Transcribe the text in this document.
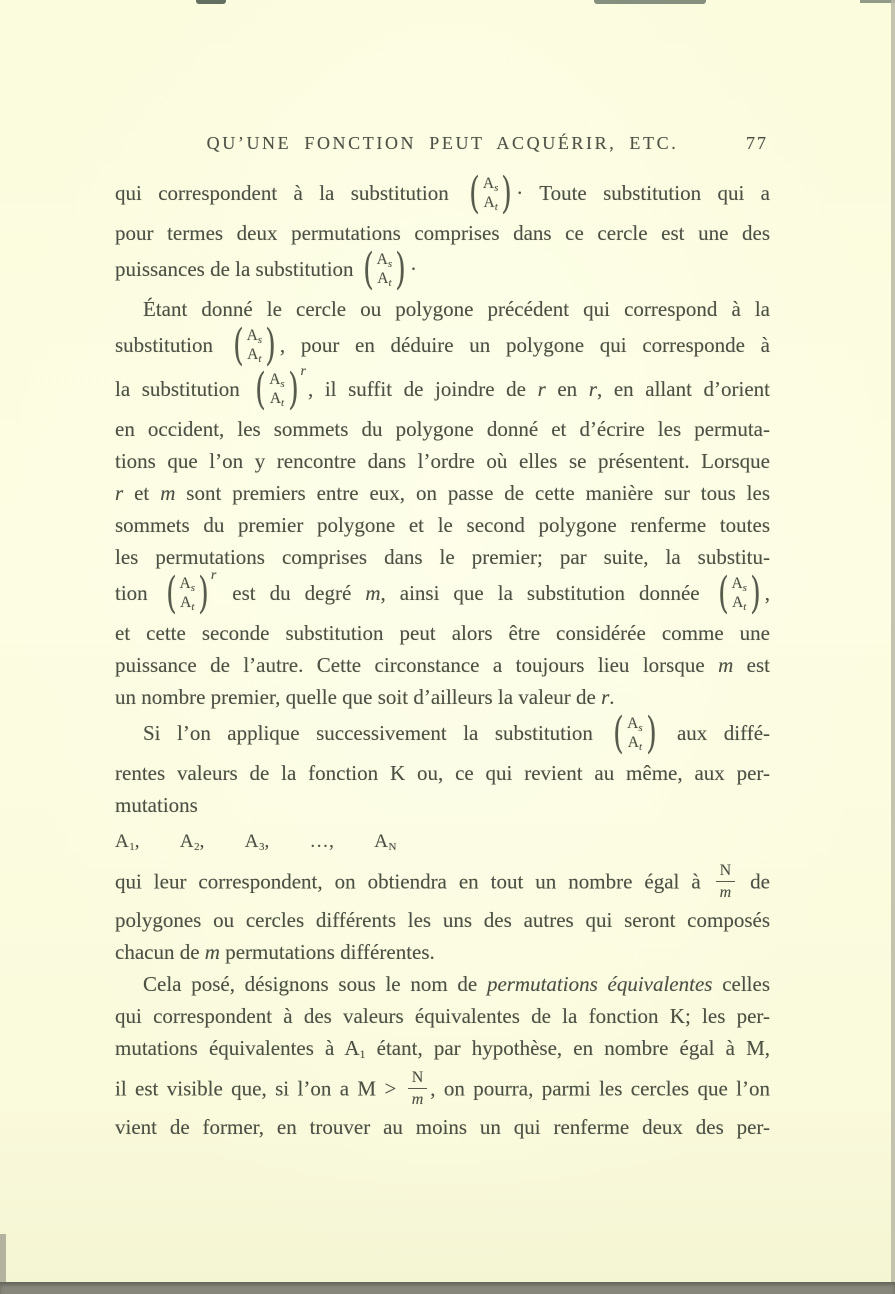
QU’UNE FONCTION PEUT ACQUÉRIR, ETC.	77
qui correspondent à la substitution ( $A_s$
$A_t$ ) · Toute substitution qui a
pour termes deux permutations comprises dans ce cercle est une des
puissances de la substitution ( $A_s$
$A_t$ ) ·
Étant donné le cercle ou polygone précédent qui correspond à la
substitution ( $A_s$
$A_t$ ) , pour en déduire un polygone qui corresponde à
la substitution ( $A_s$
$A_t$ ) r
, il suffit de joindre de r en r, en allant d’orient
en occident, les sommets du polygone donné et d’écrire les permuta-
tions que l’on y rencontre dans l’ordre où elles se présentent. Lorsque
r et m sont premiers entre eux, on passe de cette manière sur tous les
sommets du premier polygone et le second polygone renferme toutes
les permutations comprises dans le premier; par suite, la substitu-
tion ( $A_s$
$A_t$ ) r
est du degré m, ainsi que la substitution donnée ( $A_s$
$A_t$ ) ,
et cette seconde substitution peut alors être considérée comme une
puissance de l’autre. Cette circonstance a toujours lieu lorsque m est
un nombre premier, quelle que soit d’ailleurs la valeur de r.
Si l’on applique successivement la substitution ( $A_s$
$A_t$ ) aux diffé-
rentes valeurs de la fonction K ou, ce qui revient au même, aux per-
mutations
$A_1$, $A_2$, $A_3$, …, $A_N$
qui leur correspondent, on obtiendra en tout un nombre égal à $\frac{N}{m}$ de
polygones ou cercles différents les uns des autres qui seront composés
chacun de m permutations différentes.
Cela posé, désignons sous le nom de permutations équivalentes celles
qui correspondent à des valeurs équivalentes de la fonction K; les per-
mutations équivalentes à $A_1$ étant, par hypothèse, en nombre égal à M,
il est visible que, si l’on a $M > \frac{N}{m}$ , on pourra, parmi les cercles que l’on
vient de former, en trouver au moins un qui renferme deux des per-
